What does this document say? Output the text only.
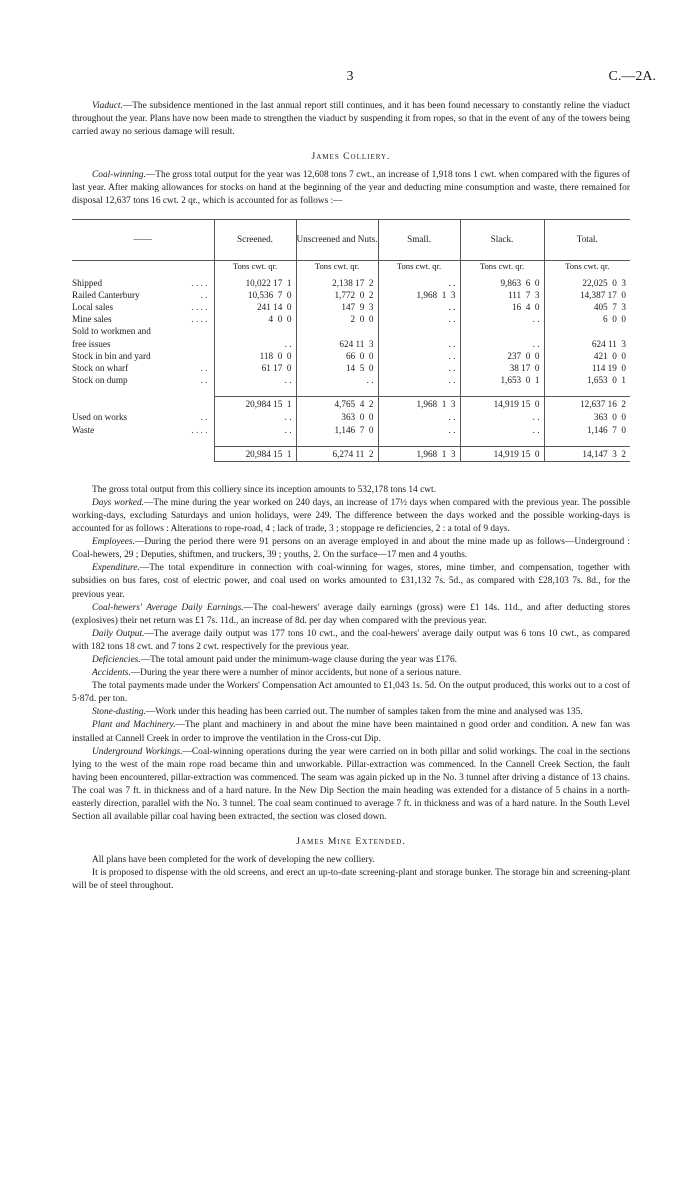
3	C.—2A.

Viaduct.—The subsidence mentioned in the last annual report still continues, and it has been found necessary to constantly reline the viaduct throughout the year. Plans have now been made to strengthen the viaduct by suspending it from ropes, so that in the event of any of the towers being carried away no serious damage will result.

James Colliery.

Coal-winning.—The gross total output for the year was 12,608 tons 7 cwt., an increase of 1,918 tons 1 cwt. when compared with the figures of last year. After making allowances for stocks on hand at the beginning of the year and deducting mine consumption and waste, there remained for disposal 12,637 tons 16 cwt. 2 qr., which is accounted for as follows :—

——	Screened.	Unscreened and Nuts.	Small.	Slack.	Total.
	Tons cwt. qr.	Tons cwt. qr.	Tons cwt. qr.	Tons cwt. qr.	Tons cwt. qr.
Shipped . . . .	10,022 17  1	2,138 17  2	. .	9,863  6  0	22,025  0  3
Railed Canterbury . .	10,536  7  0	1,772  0  2	1,968  1  3	111  7  3	14,387 17  0
Local sales . . . .	241 14  0	147  9  3	. .	16  4  0	405  7  3
Mine sales . . . .	4  0  0	2  0  0	. .	. .	6  0  0
Sold to workmen and

free issues	. .	624 11  3	. .	. .	624 11  3
Stock in bin and yard	118  0  0	66  0  0	. .	237  0  0	421  0  0
Stock on wharf . .	61 17  0	14  5  0	. .	38 17  0	114 19  0
Stock on dump . .	. .	. .	. .	1,653  0  1	1,653  0  1

	20,984 15  1	4,765  4  2	1,968  1  3	14,919 15  0	12,637 16  2
Used on works . .	. .	363  0  0	. .	. .	363  0  0
Waste . . . .	. .	1,146  7  0	. .	. .	1,146  7  0

	20,984 15  1	6,274 11  2	1,968  1  3	14,919 15  0	14,147  3  2

The gross total output from this colliery since its inception amounts to 532,178 tons 14 cwt.

Days worked.—The mine during the year worked on 240 days, an increase of 17½ days when compared with the previous year. The possible working-days, excluding Saturdays and union holidays, were 249. The difference between the days worked and the possible working-days is accounted for as follows : Alterations to rope-road, 4 ; lack of trade, 3 ; stoppage re deficiencies, 2 : a total of 9 days.

Employees.—During the period there were 91 persons on an average employed in and about the mine made up as follows—Underground : Coal-hewers, 29 ; Deputies, shiftmen, and truckers, 39 ; youths, 2. On the surface—17 men and 4 youths.

Expenditure.—The total expenditure in connection with coal-winning for wages, stores, mine timber, and compensation, together with subsidies on bus fares, cost of electric power, and coal used on works amounted to £31,132 7s. 5d., as compared with £28,103 7s. 8d., for the previous year.

Coal-hewers' Average Daily Earnings.—The coal-hewers' average daily earnings (gross) were £1 14s. 11d., and after deducting stores (explosives) their net return was £1 7s. 11d., an increase of 8d. per day when compared with the previous year.

Daily Output.—The average daily output was 177 tons 10 cwt., and the coal-hewers' average daily output was 6 tons 10 cwt., as compared with 182 tons 18 cwt. and 7 tons 2 cwt. respectively for the previous year.

Deficiencies.—The total amount paid under the minimum-wage clause during the year was £176.

Accidents.—During the year there were a number of minor accidents, but none of a serious nature.

The total payments made under the Workers' Compensation Act amounted to £1,043 1s. 5d. On the output produced, this works out to a cost of 5·87d. per ton.

Stone-dusting.—Work under this heading has been carried out. The number of samples taken from the mine and analysed was 135.

Plant and Machinery.—The plant and machinery in and about the mine have been maintained n good order and condition. A new fan was installed at Cannell Creek in order to improve the ventilation in the Cross-cut Dip.

Underground Workings.—Coal-winning operations during the year were carried on in both pillar and solid workings. The coal in the sections lying to the west of the main rope road became thin and unworkable. Pillar-extraction was commenced. In the Cannell Creek Section, the fault having been encountered, pillar-extraction was commenced. The seam was again picked up in the No. 3 tunnel after driving a distance of 13 chains. The coal was 7 ft. in thickness and of a hard nature. In the New Dip Section the main heading was extended for a distance of 5 chains in a north-easterly direction, parallel with the No. 3 tunnel. The coal seam continued to average 7 ft. in thickness and was of a hard nature. In the South Level Section all available pillar coal having been extracted, the section was closed down.

James Mine Extended.

All plans have been completed for the work of developing the new colliery.

It is proposed to dispense with the old screens, and erect an up-to-date screening-plant and storage bunker. The storage bin and screening-plant will be of steel throughout.
